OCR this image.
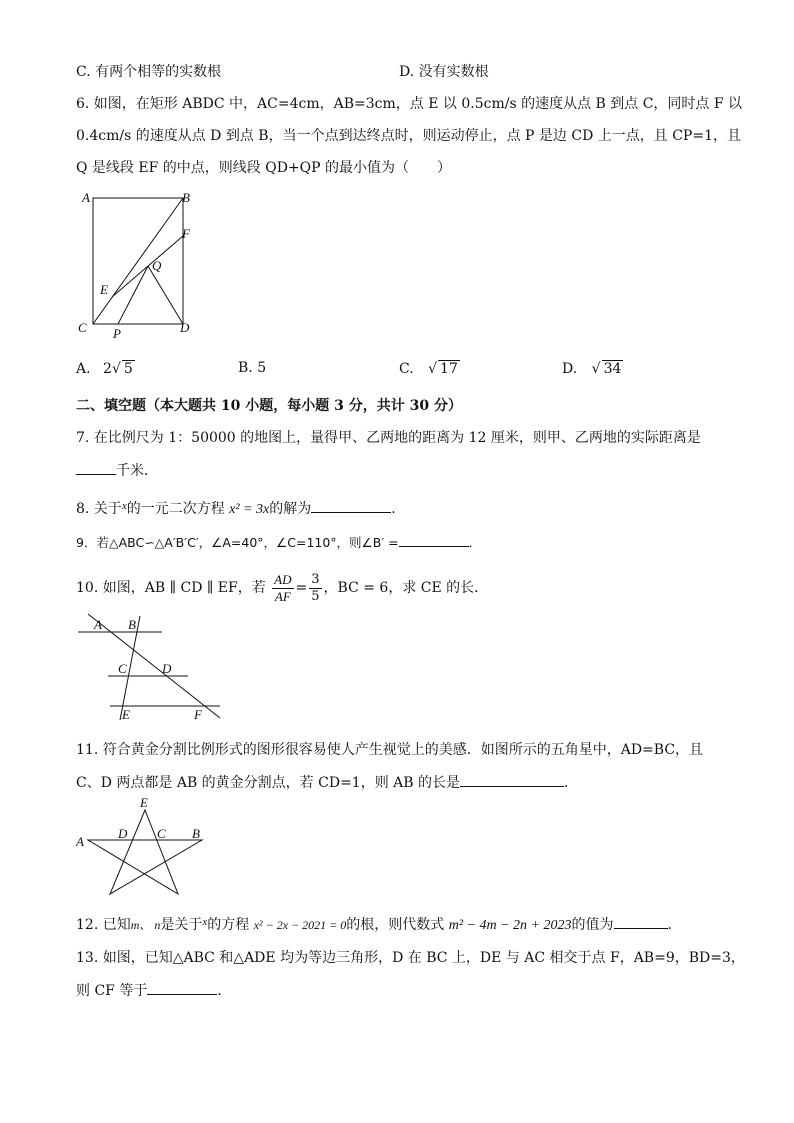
C. 有两个相等的实数根	D. 没有实数根
6. 如图，在矩形 ABDC 中，AC=4cm，AB=3cm，点 E 以 0.5cm/s 的速度从点 B 到点 C，同时点 F 以
0.4cm/s 的速度从点 D 到点 B，当一个点到达终点时，则运动停止，点 P 是边 CD 上一点，且 CP=1，且
Q 是线段 EF 的中点，则线段 QD+QP 的最小值为（　　）
A	B
F
Q
E
C P	D
A. 2√ 5	B. 5	C. √ 17	D. √ 34
二、填空题（本大题共 10 小题，每小题 3 分，共计 30 分）
7. 在比例尺为 1：50000 的地图上，量得甲、乙两地的距离为 12 厘米，则甲、乙两地的实际距离是
千米．
8. 关于$^x$的一元二次方程 x² = 3x的解为	．
9．若△ABC∽△A′B′C′，∠A=40°，∠C=110°，则∠B′ =	．
10. 如图，AB ∥ CD ∥ EF，若 $\frac{AD}{AF} = \frac{3}{5}$ ，BC = 6，求 CE 的长．
A B
C	D
E	F
11. 符合黄金分割比例形式的图形很容易使人产生视觉上的美感．如图所示的五角星中，AD=BC，且
C、D 两点都是 AB 的黄金分割点，若 CD=1，则 AB 的长是	．
E
A
D C B
12. 已知m、 n是关于$^x$的方程 x² − 2x − 2021 = 0的根，则代数式 m² − 4m − 2n + 2023的值为	．
13. 如图，已知△ABC 和△ADE 均为等边三角形，D 在 BC 上，DE 与 AC 相交于点 F，AB=9，BD=3，
则 CF 等于	．
